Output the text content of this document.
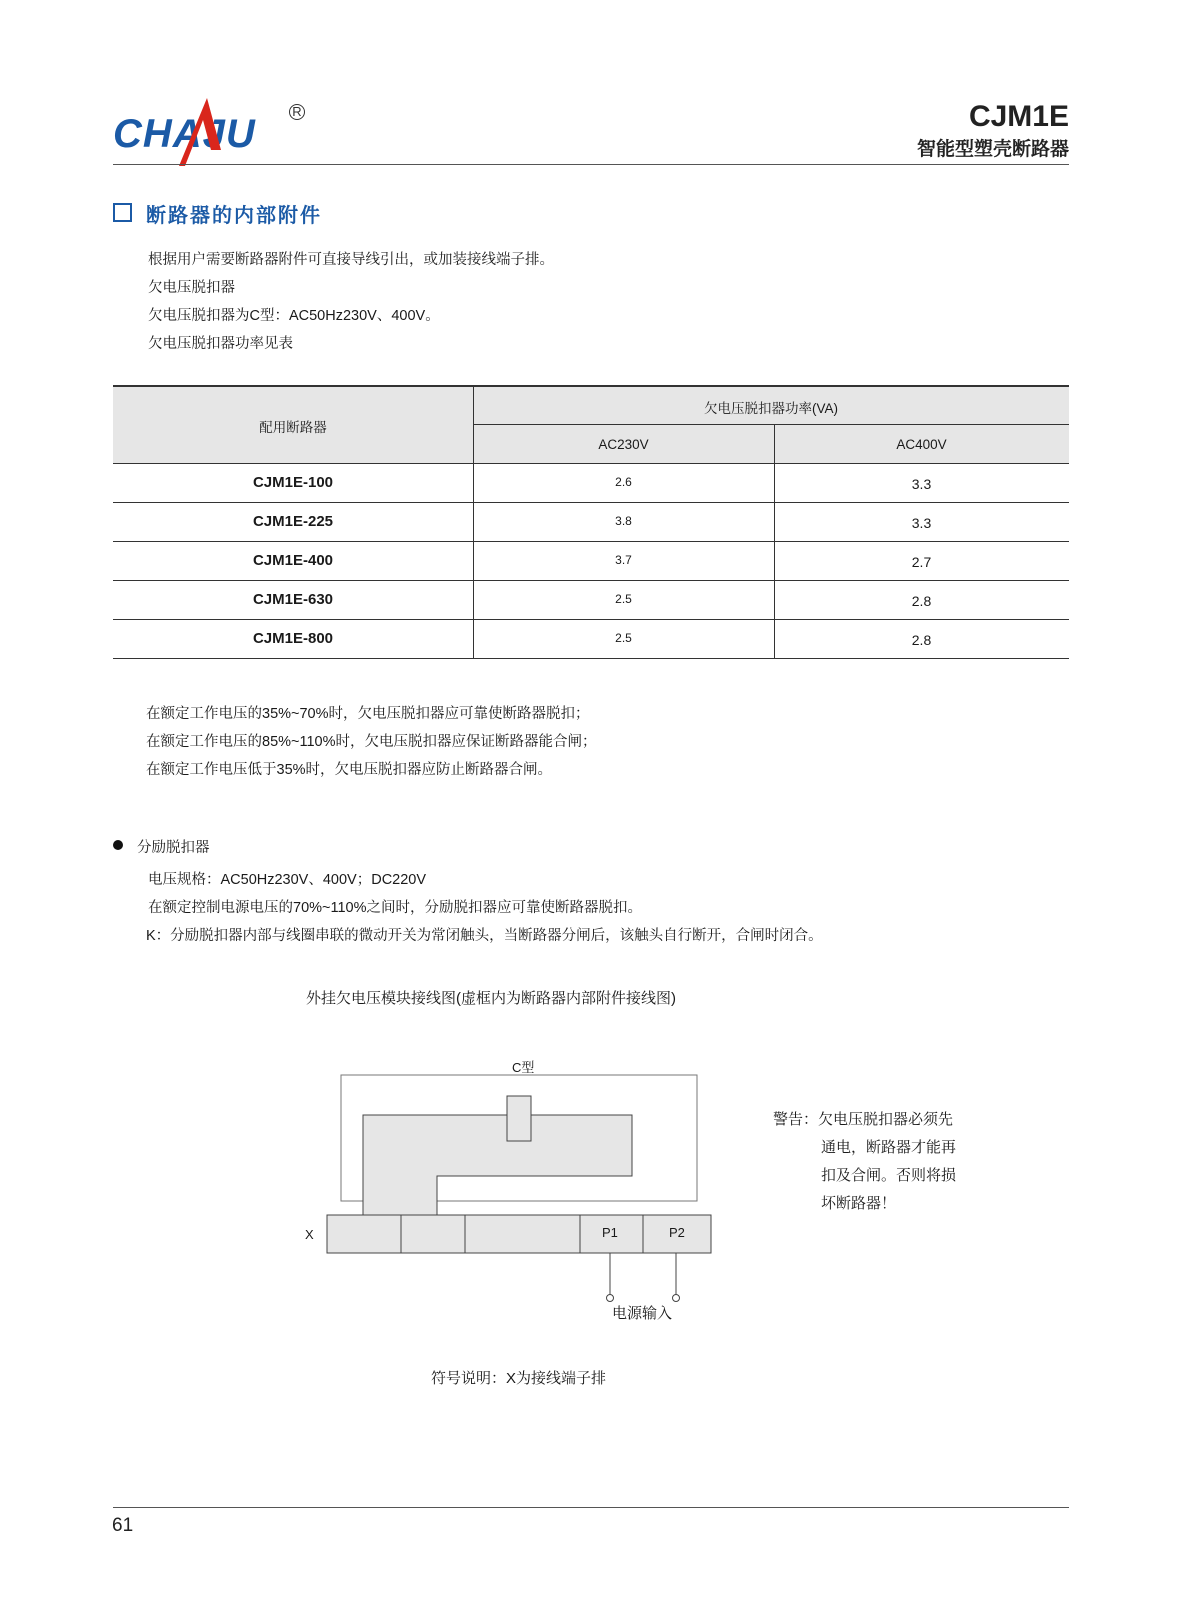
CHAJU
R	CJM1E
智能型塑壳断路器
断路器的内部附件
根据用户需要断路器附件可直接导线引出，或加装接线端子排。
欠电压脱扣器
欠电压脱扣器为C型：AC50Hz230V、400V。
欠电压脱扣器功率见表
配用断路器
欠电压脱扣器功率(VA)
AC230V	AC400V
CJM1E-100	2.6	3.3
CJM1E-225	3.8	3.3
CJM1E-400	3.7	2.7
CJM1E-630	2.5	2.8
CJM1E-800	2.5	2.8
在额定工作电压的35%~70%时，欠电压脱扣器应可靠使断路器脱扣；
在额定工作电压的85%~110%时，欠电压脱扣器应保证断路器能合闸；
在额定工作电压低于35%时，欠电压脱扣器应防止断路器合闸。
分励脱扣器
电压规格：AC50Hz230V、400V；DC220V
在额定控制电源电压的70%~110%之间时，分励脱扣器应可靠使断路器脱扣。
K：分励脱扣器内部与线圈串联的微动开关为常闭触头，当断路器分闸后，该触头自行断开，合闸时闭合。
外挂欠电压模块接线图(虚框内为断路器内部附件接线图)
C型
X	P1	P2
电源输入
警告：欠电压脱扣器必须先
通电，断路器才能再
扣及合闸。否则将损
坏断路器！
符号说明：X为接线端子排
61
